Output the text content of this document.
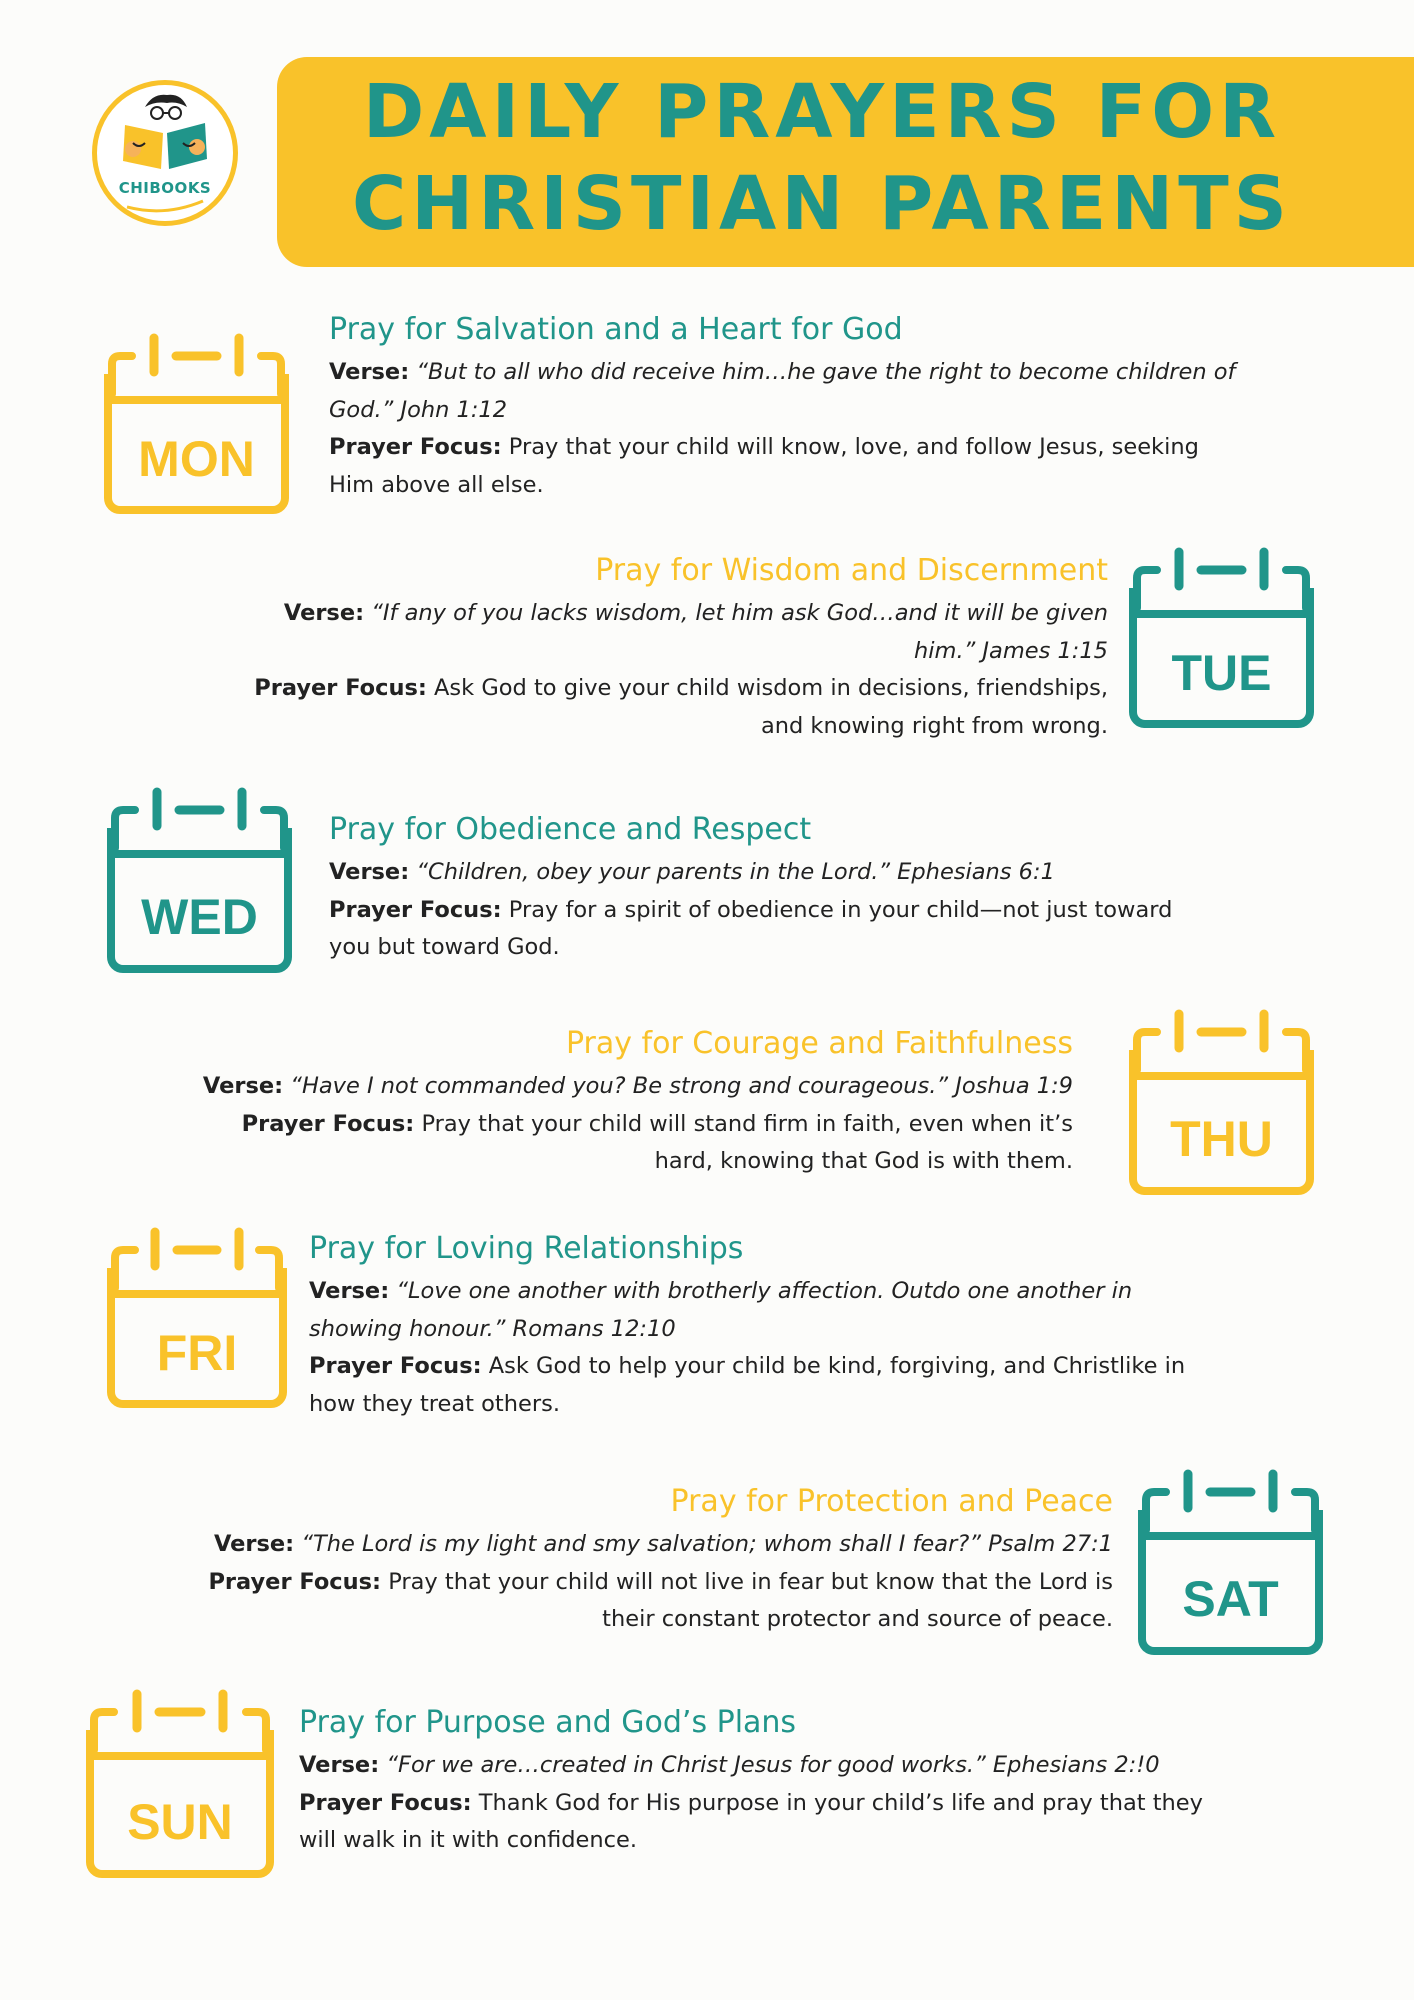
DAILY PRAYERS FOR
CHRISTIAN PARENTS
CHIBOOKS
MON
Pray for Salvation and a Heart for God

Verse: “But to all who did receive him…he gave the right to become children of
God.” John 1:12

Prayer Focus: Pray that your child will know, love, and follow Jesus, seeking
Him above all else.

TUE
Pray for Wisdom and Discernment

Verse: “If any of you lacks wisdom, let him ask God…and it will be given
him.” James 1:15

Prayer Focus: Ask God to give your child wisdom in decisions, friendships,
and knowing right from wrong.

WED
Pray for Obedience and Respect

Verse: “Children, obey your parents in the Lord.” Ephesians 6:1

Prayer Focus: Pray for a spirit of obedience in your child—not just toward
you but toward God.

THU
Pray for Courage and Faithfulness

Verse: “Have I not commanded you? Be strong and courageous.” Joshua 1:9

Prayer Focus: Pray that your child will stand firm in faith, even when it’s
hard, knowing that God is with them.

FRI
Pray for Loving Relationships

Verse: “Love one another with brotherly affection. Outdo one another in
showing honour.” Romans 12:10

Prayer Focus: Ask God to help your child be kind, forgiving, and Christlike in
how they treat others.

SAT
Pray for Protection and Peace

Verse: “The Lord is my light and smy salvation; whom shall I fear?” Psalm 27:1

Prayer Focus: Pray that your child will not live in fear but know that the Lord is
their constant protector and source of peace.

SUN
Pray for Purpose and God’s Plans

Verse: “For we are…created in Christ Jesus for good works.” Ephesians 2:!0

Prayer Focus: Thank God for His purpose in your child’s life and pray that they
will walk in it with confidence.
